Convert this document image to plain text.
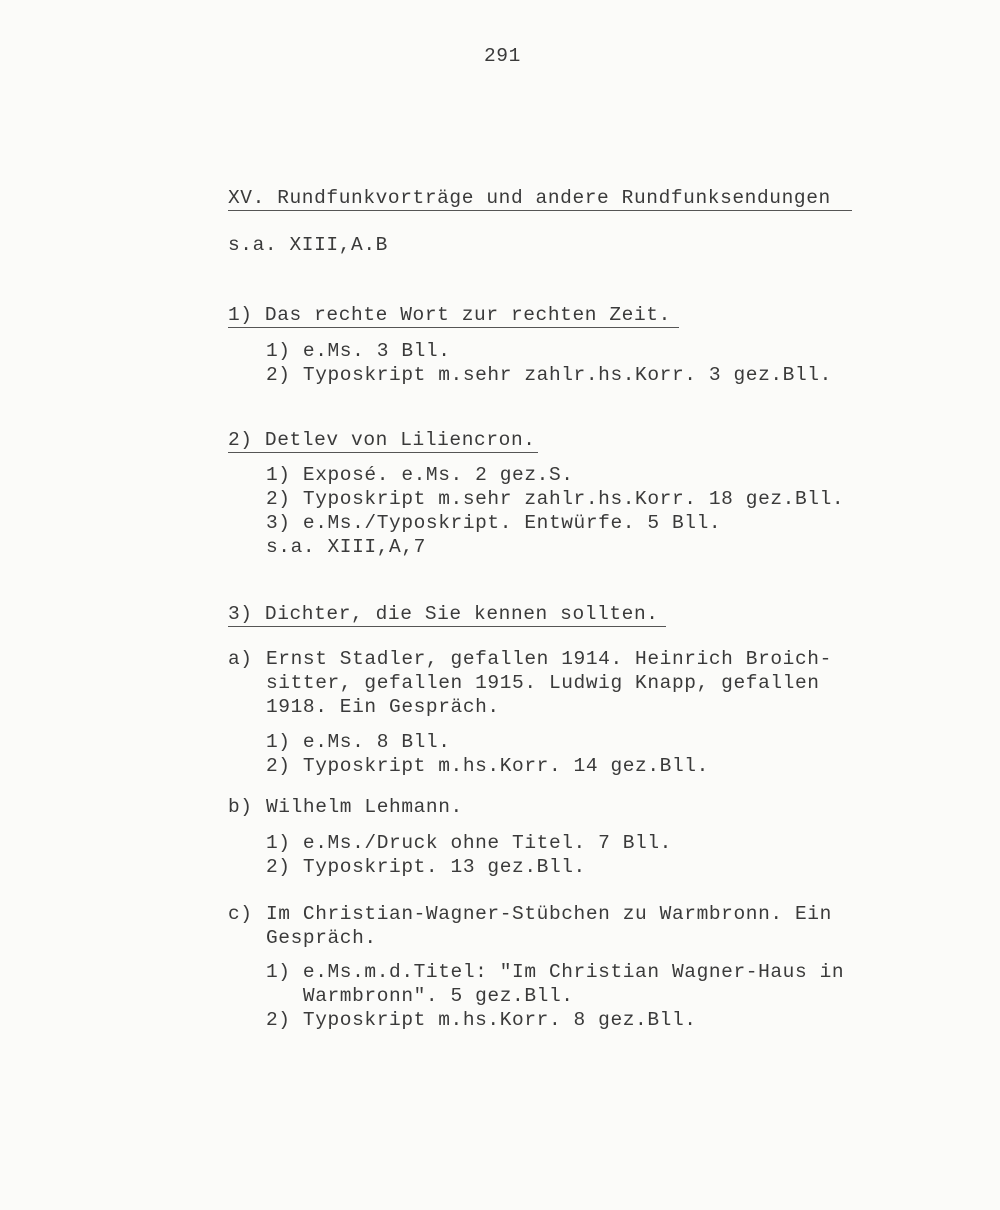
291
XV. Rundfunkvorträge und andere Rundfunksendungen
s.a. XIII,A.B
1) Das rechte Wort zur rechten Zeit.
1) e.Ms. 3 Bll.
2) Typoskript m.sehr zahlr.hs.Korr. 3 gez.Bll.
2) Detlev von Liliencron.
1) Exposé. e.Ms. 2 gez.S.
2) Typoskript m.sehr zahlr.hs.Korr. 18 gez.Bll.
3) e.Ms./Typoskript. Entwürfe. 5 Bll.
s.a. XIII,A,7
3) Dichter, die Sie kennen sollten.
a) Ernst Stadler, gefallen 1914. Heinrich Broich-
sitter, gefallen 1915. Ludwig Knapp, gefallen
1918. Ein Gespräch.
1) e.Ms. 8 Bll.
2) Typoskript m.hs.Korr. 14 gez.Bll.
b) Wilhelm Lehmann.
1) e.Ms./Druck ohne Titel. 7 Bll.
2) Typoskript. 13 gez.Bll.
c) Im Christian-Wagner-Stübchen zu Warmbronn. Ein
Gespräch.
1) e.Ms.m.d.Titel: "Im Christian Wagner-Haus in
Warmbronn". 5 gez.Bll.
2) Typoskript m.hs.Korr. 8 gez.Bll.
